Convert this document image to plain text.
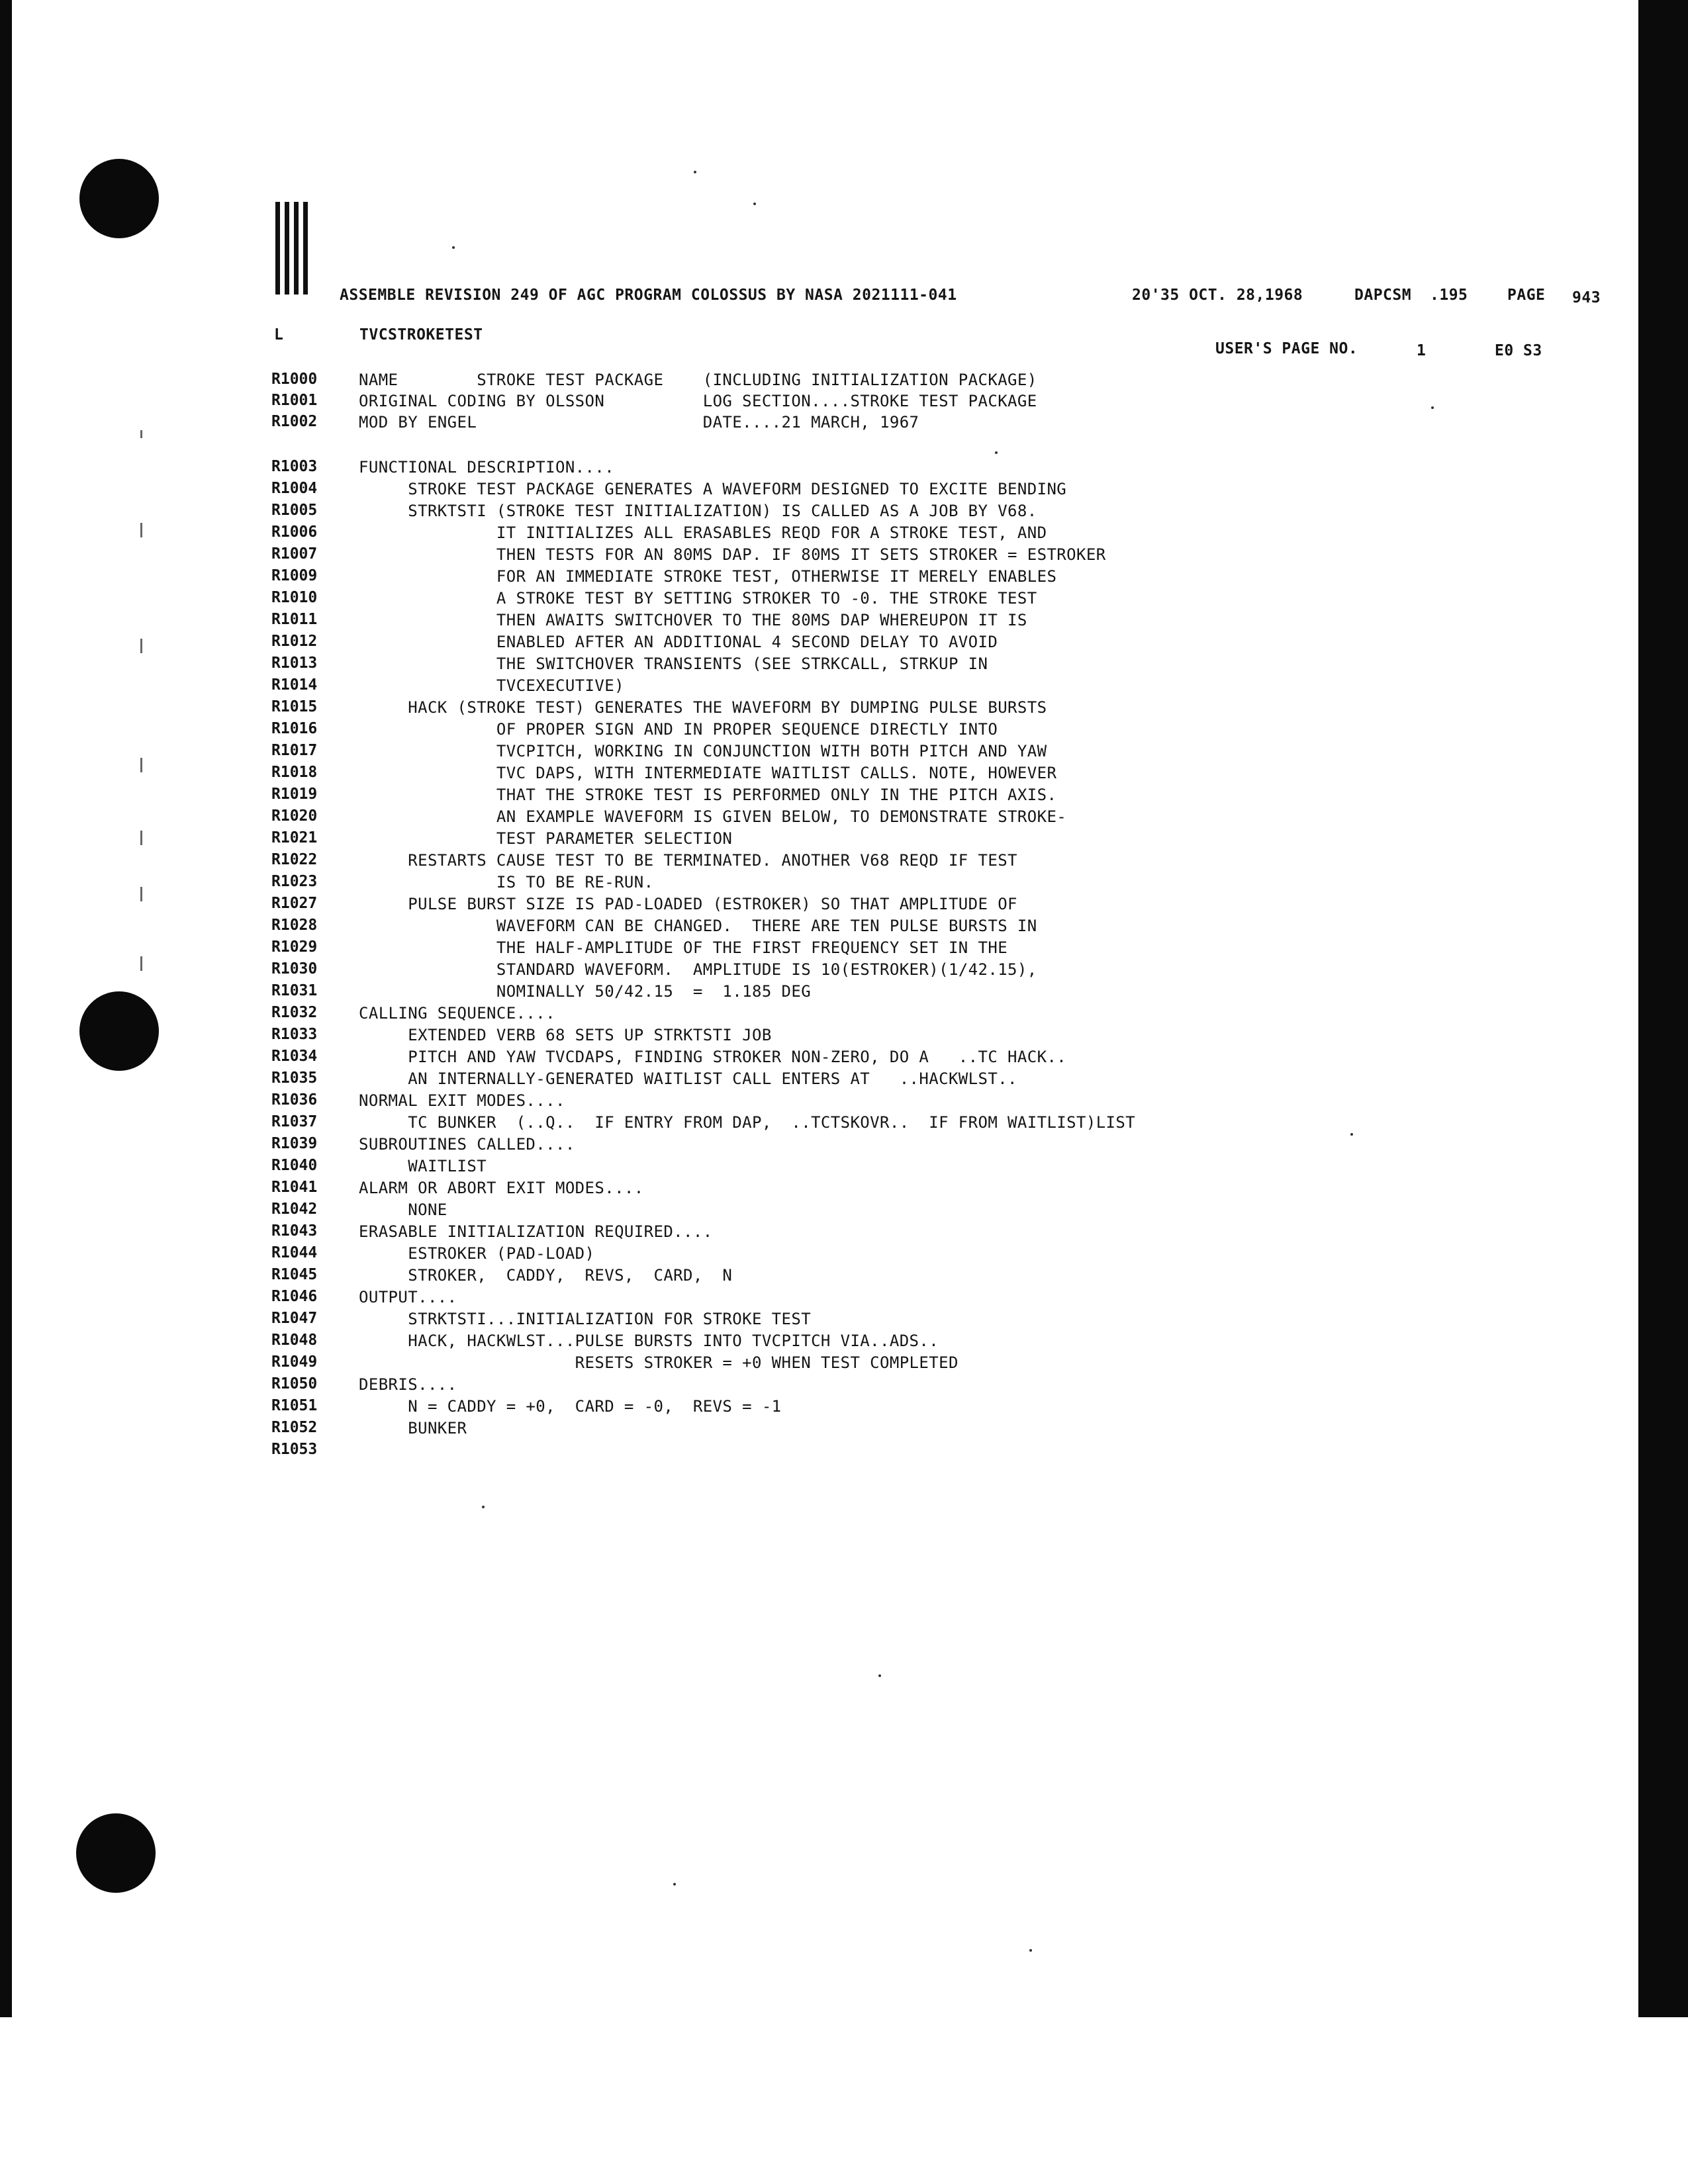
ASSEMBLE REVISION 249 OF AGC PROGRAM COLOSSUS BY NASA 2021111-041	20'35 OCT. 28,1968	DAPCSM .195	PAGE 943
L	TVCSTROKETEST
USER'S PAGE NO.	1	E0 S3
R1000	NAME        STROKE TEST PACKAGE    (INCLUDING INITIALIZATION PACKAGE)
R1001	ORIGINAL CODING BY OLSSON          LOG SECTION....STROKE TEST PACKAGE
R1002	MOD BY ENGEL                       DATE....21 MARCH, 1967
R1003	FUNCTIONAL DESCRIPTION....
R1004	STROKE TEST PACKAGE GENERATES A WAVEFORM DESIGNED TO EXCITE BENDING
R1005	STRKTSTI (STROKE TEST INITIALIZATION) IS CALLED AS A JOB BY V68.
R1006	IT INITIALIZES ALL ERASABLES REQD FOR A STROKE TEST, AND
R1007	THEN TESTS FOR AN 80MS DAP. IF 80MS IT SETS STROKER = ESTROKER
R1009	FOR AN IMMEDIATE STROKE TEST, OTHERWISE IT MERELY ENABLES
R1010	A STROKE TEST BY SETTING STROKER TO -0. THE STROKE TEST
R1011	THEN AWAITS SWITCHOVER TO THE 80MS DAP WHEREUPON IT IS
R1012	ENABLED AFTER AN ADDITIONAL 4 SECOND DELAY TO AVOID
R1013	THE SWITCHOVER TRANSIENTS (SEE STRKCALL, STRKUP IN
R1014	TVCEXECUTIVE)
R1015	HACK (STROKE TEST) GENERATES THE WAVEFORM BY DUMPING PULSE BURSTS
R1016	OF PROPER SIGN AND IN PROPER SEQUENCE DIRECTLY INTO
R1017	TVCPITCH, WORKING IN CONJUNCTION WITH BOTH PITCH AND YAW
R1018	TVC DAPS, WITH INTERMEDIATE WAITLIST CALLS. NOTE, HOWEVER
R1019	THAT THE STROKE TEST IS PERFORMED ONLY IN THE PITCH AXIS.
R1020	AN EXAMPLE WAVEFORM IS GIVEN BELOW, TO DEMONSTRATE STROKE-
R1021	TEST PARAMETER SELECTION
R1022	RESTARTS CAUSE TEST TO BE TERMINATED. ANOTHER V68 REQD IF TEST
R1023	IS TO BE RE-RUN.
R1027	PULSE BURST SIZE IS PAD-LOADED (ESTROKER) SO THAT AMPLITUDE OF
R1028	WAVEFORM CAN BE CHANGED.  THERE ARE TEN PULSE BURSTS IN
R1029	THE HALF-AMPLITUDE OF THE FIRST FREQUENCY SET IN THE
R1030	STANDARD WAVEFORM.  AMPLITUDE IS 10(ESTROKER)(1/42.15),
R1031	NOMINALLY 50/42.15  =  1.185 DEG
R1032	CALLING SEQUENCE....
R1033	EXTENDED VERB 68 SETS UP STRKTSTI JOB
R1034	PITCH AND YAW TVCDAPS, FINDING STROKER NON-ZERO, DO A   ..TC HACK..
R1035	AN INTERNALLY-GENERATED WAITLIST CALL ENTERS AT   ..HACKWLST..
R1036	NORMAL EXIT MODES....
R1037	TC BUNKER  (..Q..  IF ENTRY FROM DAP,  ..TCTSKOVR..  IF FROM WAITLIST)LIST
R1039	SUBROUTINES CALLED....
R1040	WAITLIST
R1041	ALARM OR ABORT EXIT MODES....
R1042	NONE
R1043	ERASABLE INITIALIZATION REQUIRED....
R1044	ESTROKER (PAD-LOAD)
R1045	STROKER,  CADDY,  REVS,  CARD,  N
R1046	OUTPUT....
R1047	STRKTSTI...INITIALIZATION FOR STROKE TEST
R1048	HACK, HACKWLST...PULSE BURSTS INTO TVCPITCH VIA..ADS..
R1049	RESETS STROKER = +0 WHEN TEST COMPLETED
R1050	DEBRIS....
R1051	N = CADDY = +0,  CARD = -0,  REVS = -1
R1052	BUNKER
R1053
